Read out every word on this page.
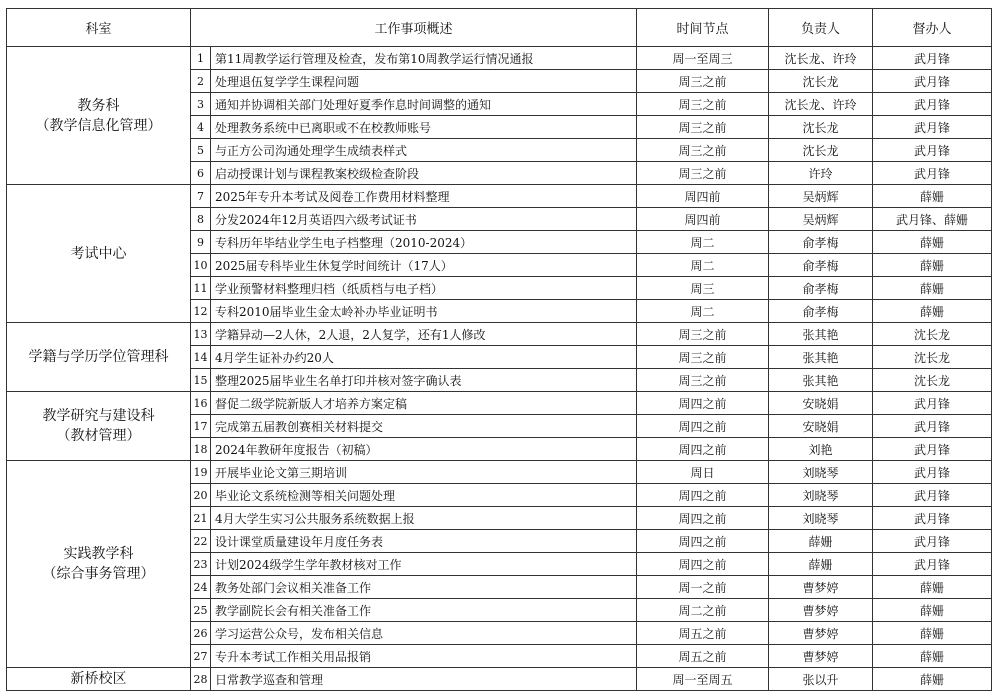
科室	工作事项概述		时间节点	负责人	督办人

教务科
（教学信息化管理）	1	第11周教学运行管理及检查，发布第10周教学运行情况通报	周一至周三	沈长龙、许玲	武月锋
	2	处理退伍复学学生课程问题	周三之前	沈长龙	武月锋
	3	通知并协调相关部门处理好夏季作息时间调整的通知	周三之前	沈长龙、许玲	武月锋
	4	处理教务系统中已离职或不在校教师账号	周三之前	沈长龙	武月锋
	5	与正方公司沟通处理学生成绩表样式	周三之前	沈长龙	武月锋
	6	启动授课计划与课程教案校级检查阶段	周三之前	许玲	武月锋

考试中心	7	2025年专升本考试及阅卷工作费用材料整理	周四前	吴炳辉	薛姗
	8	分发2024年12月英语四六级考试证书	周四前	吴炳辉	武月锋、薛姗
	9	专科历年毕结业学生电子档整理（2010-2024）	周二	俞孝梅	薛姗
	10	2025届专科毕业生休复学时间统计（17人）	周二	俞孝梅	薛姗
	11	学业预警材料整理归档（纸质档与电子档）	周三	俞孝梅	薛姗
	12	专科2010届毕业生金太岭补办毕业证明书	周二	俞孝梅	薛姗

学籍与学历学位管理科	13	学籍异动—2人休，2人退，2人复学，还有1人修改	周三之前	张其艳	沈长龙
	14	4月学生证补办约20人	周三之前	张其艳	沈长龙
	15	整理2025届毕业生名单打印并核对签字确认表	周三之前	张其艳	沈长龙

教学研究与建设科
（教材管理）	16	督促二级学院新版人才培养方案定稿	周四之前	安晓娟	武月锋
	17	完成第五届教创赛相关材料提交	周四之前	安晓娟	武月锋
	18	2024年教研年度报告（初稿）	周四之前	刘艳	武月锋

实践教学科
（综合事务管理）	19	开展毕业论文第三期培训	周日	刘晓琴	武月锋
	20	毕业论文系统检测等相关问题处理	周四之前	刘晓琴	武月锋
	21	4月大学生实习公共服务系统数据上报	周四之前	刘晓琴	武月锋
	22	设计课堂质量建设年月度任务表	周四之前	薛姗	武月锋
	23	计划2024级学生学年教材核对工作	周四之前	薛姗	武月锋
	24	教务处部门会议相关准备工作	周一之前	曹梦婷	薛姗
	25	教学副院长会有相关准备工作	周二之前	曹梦婷	薛姗
	26	学习运营公众号，发布相关信息	周五之前	曹梦婷	薛姗
	27	专升本考试工作相关用品报销	周五之前	曹梦婷	薛姗

新桥校区	28	日常教学巡查和管理	周一至周五	张以升	薛姗
